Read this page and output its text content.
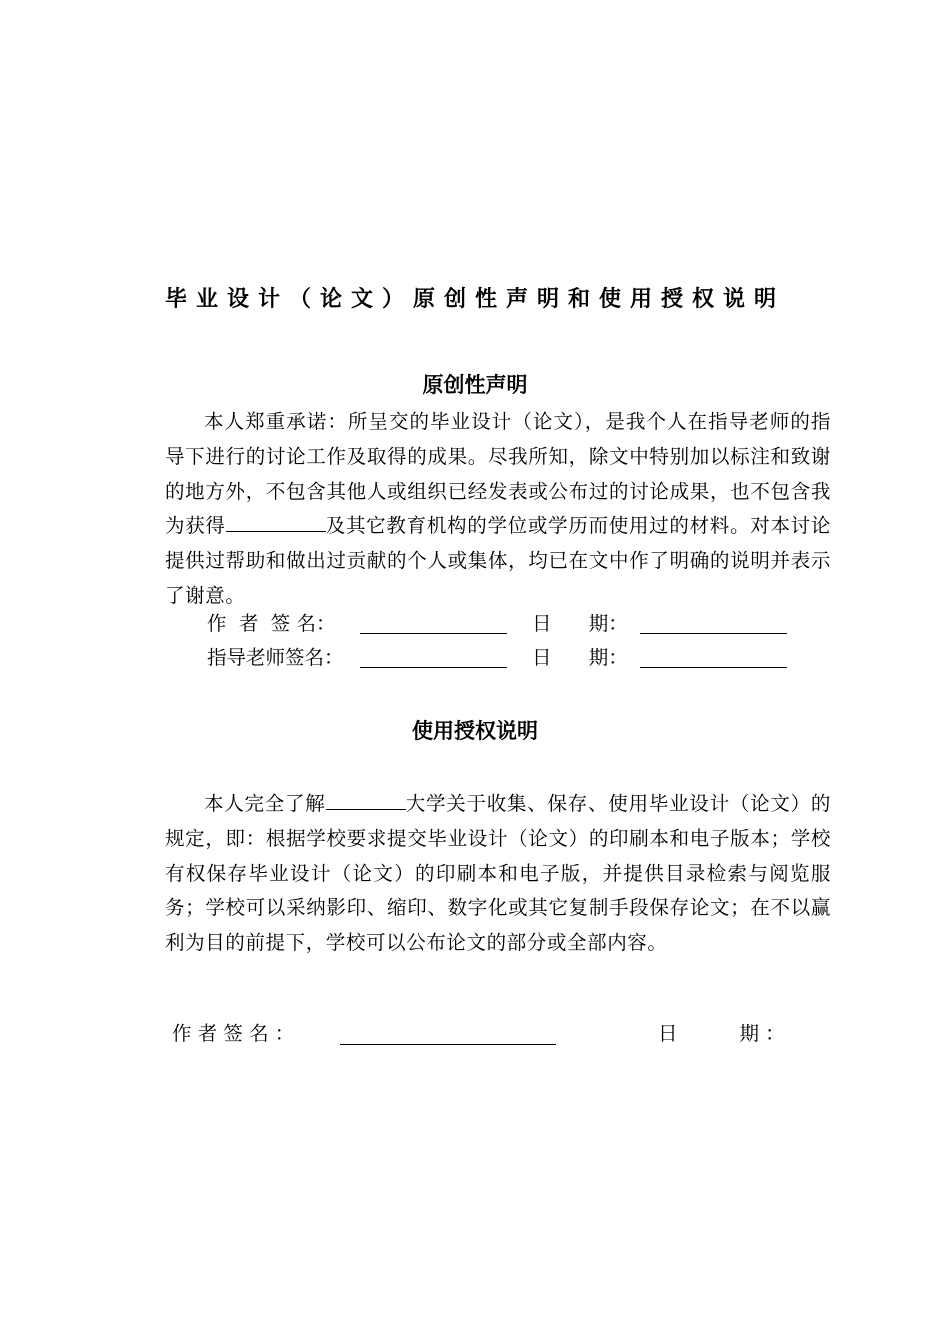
毕业设计（论文）原创性声明和使用授权说明
原创性声明
本人郑重承诺：所呈交的毕业设计（论文），是我个人在指导老师的指导下进行的讨论工作及取得的成果。尽我所知，除文中特别加以标注和致谢的地方外，不包含其他人或组织已经发表或公布过的讨论成果，也不包含我为获得	及其它教育机构的学位或学历而使用过的材料。对本讨论提供过帮助和做出过贡献的个人或集体，均已在文中作了明确的说明并表示了谢意。
作  者  签 名：	日      期：
指导老师签名：	日      期：
使用授权说明
本人完全了解	大学关于收集、保存、使用毕业设计（论文）的规定，即：根据学校要求提交毕业设计（论文）的印刷本和电子版本；学校有权保存毕业设计（论文）的印刷本和电子版，并提供目录检索与阅览服务；学校可以采纳影印、缩印、数字化或其它复制手段保存论文；在不以赢利为目的前提下，学校可以公布论文的部分或全部内容。
作 者 签 名 ：	日          期 ：
